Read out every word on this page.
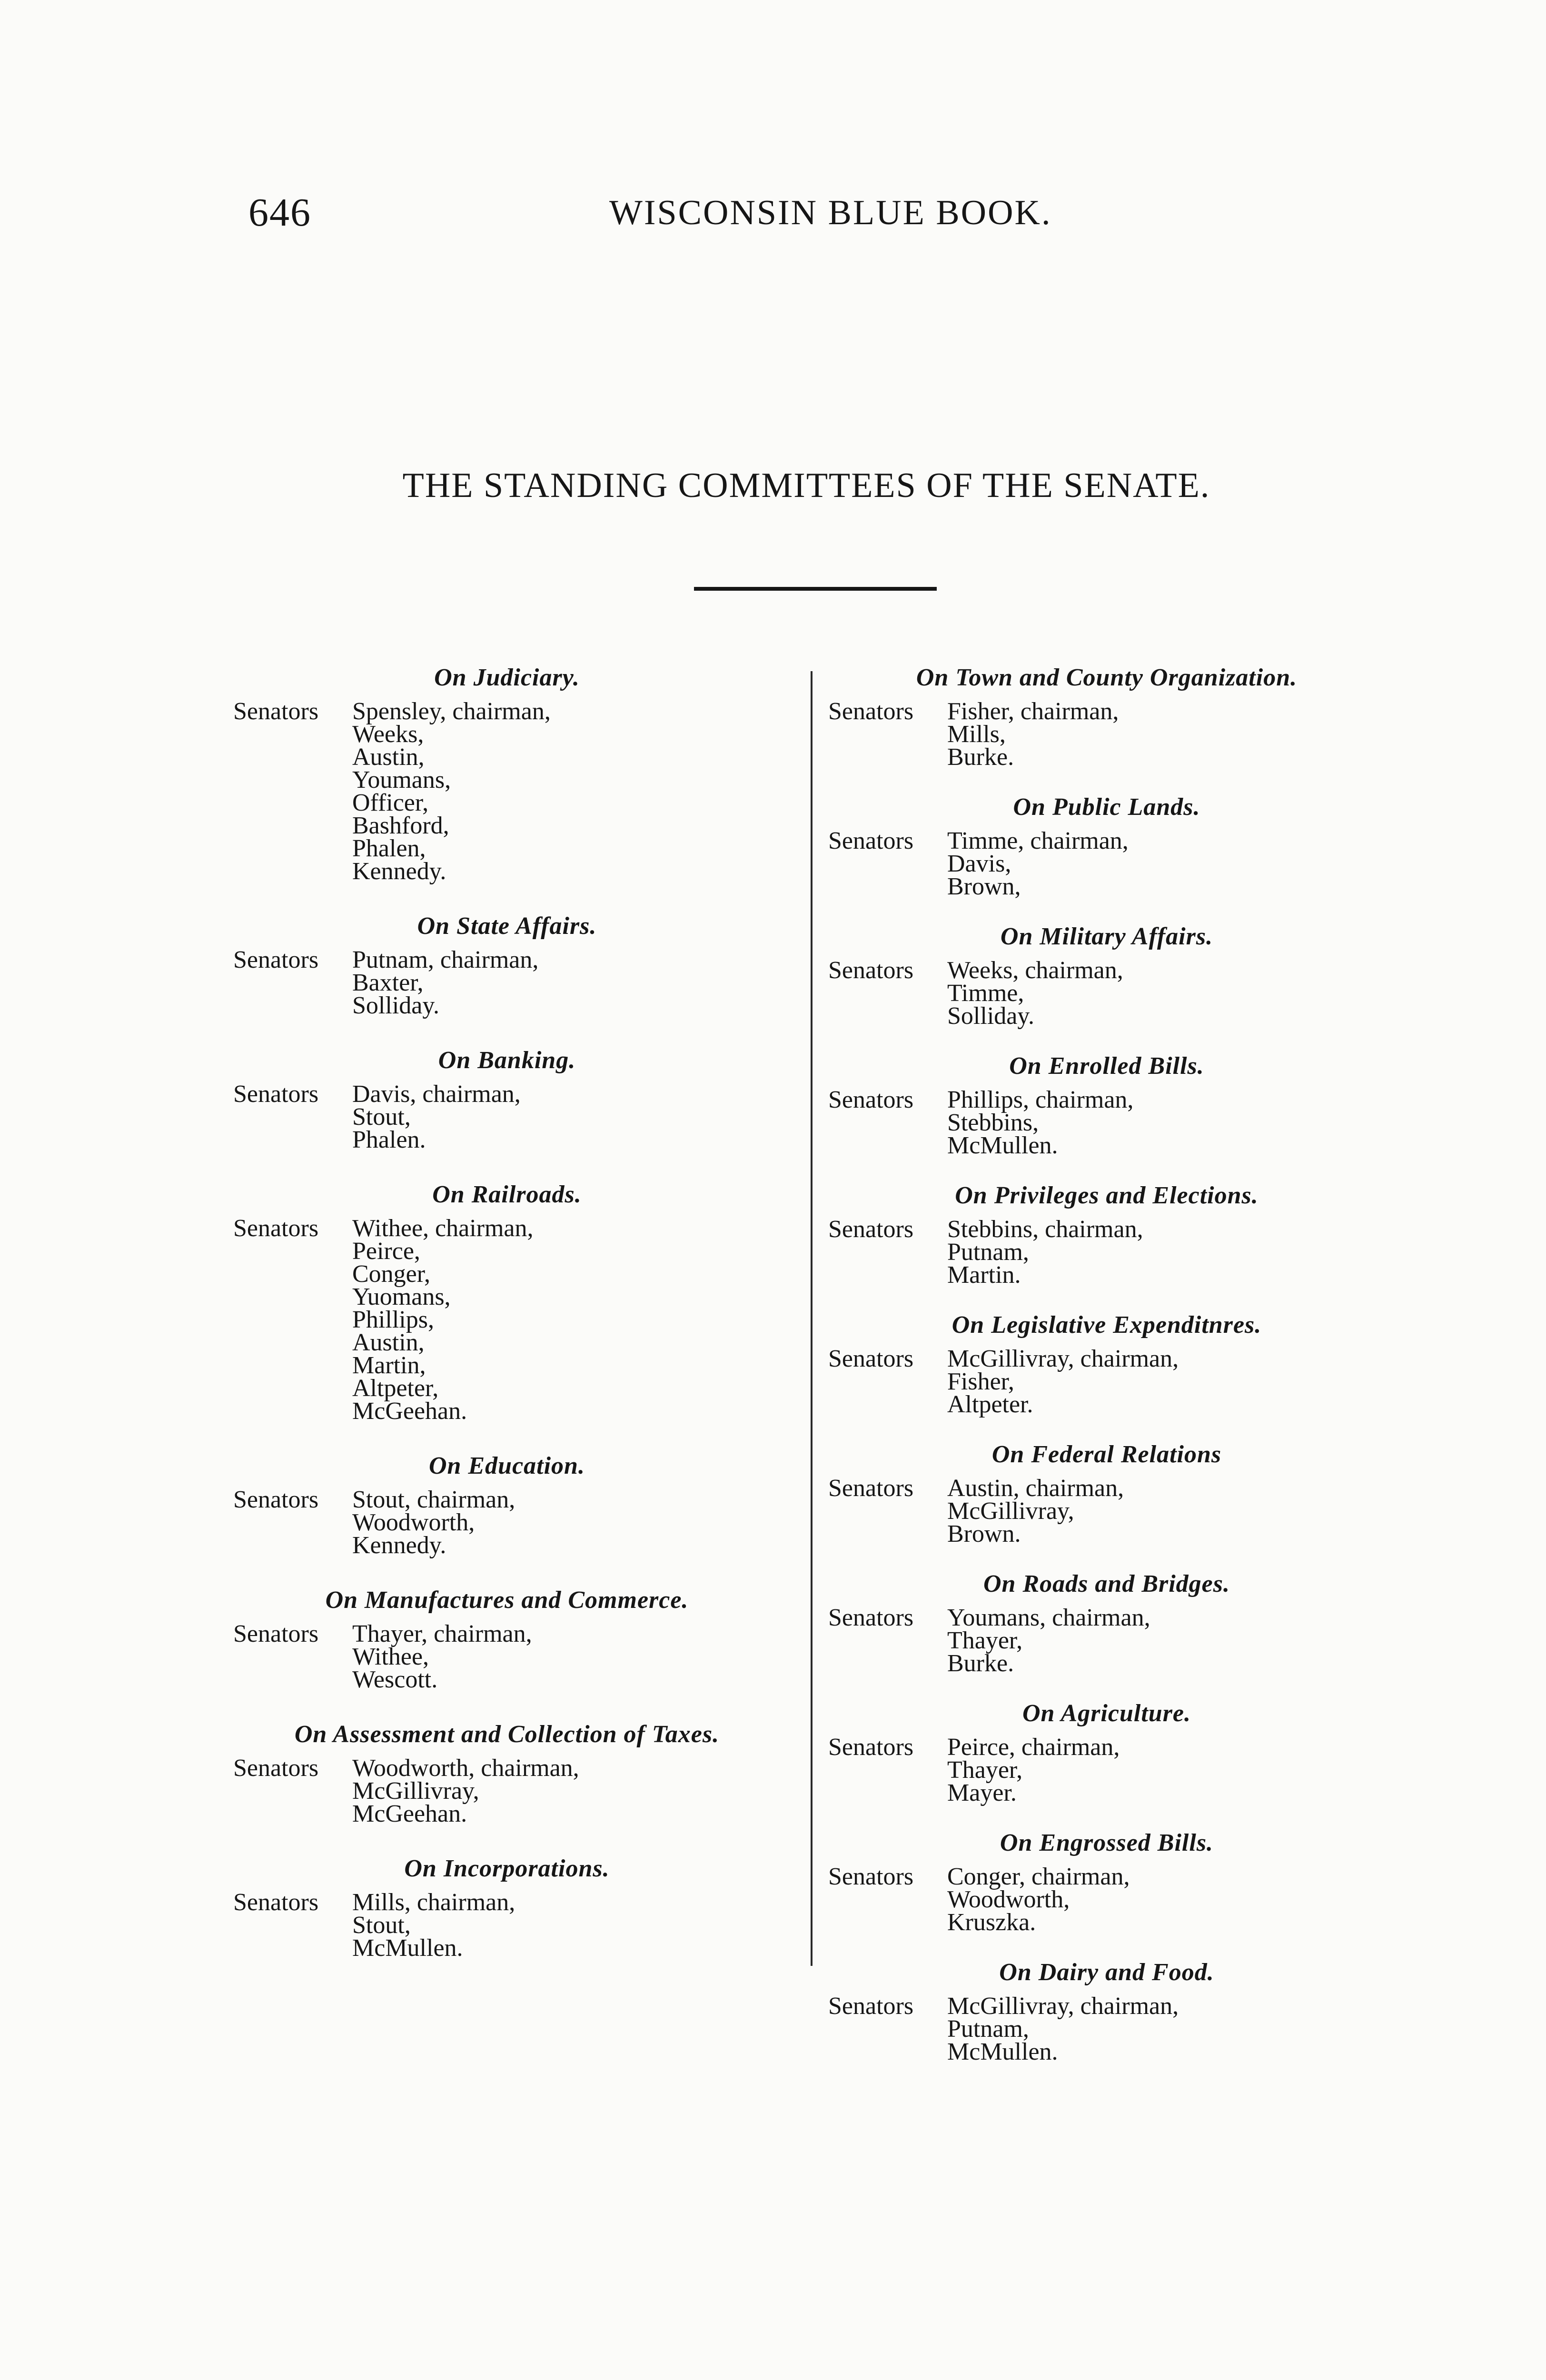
646	WISCONSIN BLUE BOOK.
THE STANDING COMMITTEES OF THE SENATE.
On Judiciary.
Senators Spensley, chairman,
Weeks,
Austin,
Youmans,
Officer,
Bashford,
Phalen,
Kennedy.
On State Affairs.
Senators Putnam, chairman,
Baxter,
Solliday.
On Banking.
Senators Davis, chairman,
Stout,
Phalen.
On Railroads.
Senators Withee, chairman,
Peirce,
Conger,
Yuomans,
Phillips,
Austin,
Martin,
Altpeter,
McGeehan.
On Education.
Senators Stout, chairman,
Woodworth,
Kennedy.
On Manufactures and Commerce.
Senators Thayer, chairman,
Withee,
Wescott.
On Assessment and Collection of Taxes.
Senators Woodworth, chairman,
McGillivray,
McGeehan.
On Incorporations.
Senators Mills, chairman,
Stout,
McMullen.
On Town and County Organization.
Senators Fisher, chairman,
Mills,
Burke.
On Public Lands.
Senators Timme, chairman,
Davis,
Brown,
On Military Affairs.
Senators Weeks, chairman,
Timme,
Solliday.
On Enrolled Bills.
Senators Phillips, chairman,
Stebbins,
McMullen.
On Privileges and Elections.
Senators Stebbins, chairman,
Putnam,
Martin.
On Legislative Expenditnres.
Senators McGillivray, chairman,
Fisher,
Altpeter.
On Federal Relations
Senators Austin, chairman,
McGillivray,
Brown.
On Roads and Bridges.
Senators Youmans, chairman,
Thayer,
Burke.
On Agriculture.
Senators Peirce, chairman,
Thayer,
Mayer.
On Engrossed Bills.
Senators Conger, chairman,
Woodworth,
Kruszka.
On Dairy and Food.
Senators McGillivray, chairman,
Putnam,
McMullen.
